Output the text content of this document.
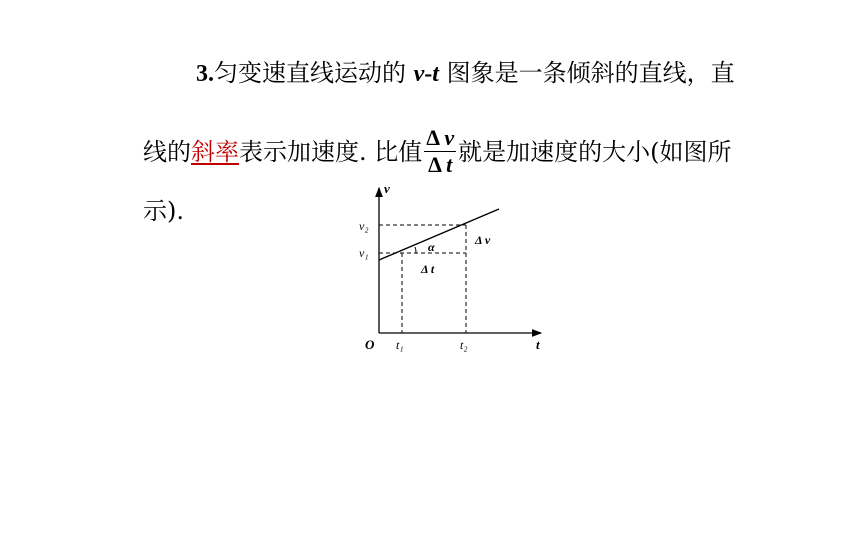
3.匀变速直线运动的 v-t 图象是一条倾斜的直线，直
线的斜率表示加速度. 比值 $\frac{\text{Δ v}}{\text{Δ t}}$ 就是加速度的大小(如图所
示).
v
t
O
v₂
v₁
t₁	t₂
α	Δ v
Δ t
